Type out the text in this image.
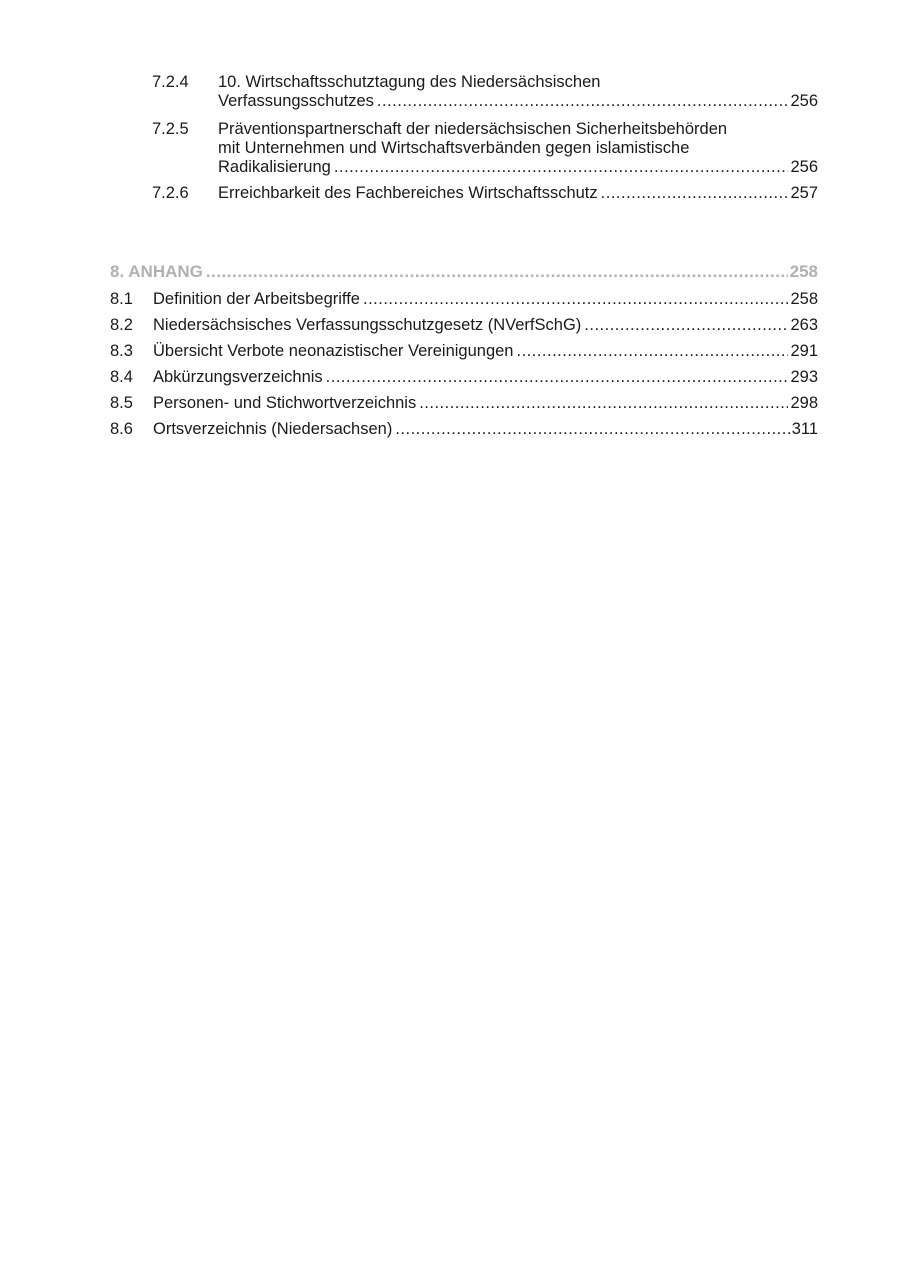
7.2.4 10. Wirtschaftsschutztagung des Niedersächsischen
Verfassungsschutzes .....	256
7.2.5 Präventionspartnerschaft der niedersächsischen Sicherheitsbehörden
mit Unternehmen und Wirtschaftsverbänden gegen islamistische
Radikalisierung .....	256
7.2.6 Erreichbarkeit des Fachbereiches Wirtschaftsschutz .....	257
8. ANHANG .....	258
8.1 Definition der Arbeitsbegriffe .....	258
8.2 Niedersächsisches Verfassungsschutzgesetz (NVerfSchG) .....	263
8.3 Übersicht Verbote neonazistischer Vereinigungen .....	291
8.4 Abkürzungsverzeichnis .....	293
8.5 Personen- und Stichwortverzeichnis .....	298
8.6 Ortsverzeichnis (Niedersachsen) .....	311
